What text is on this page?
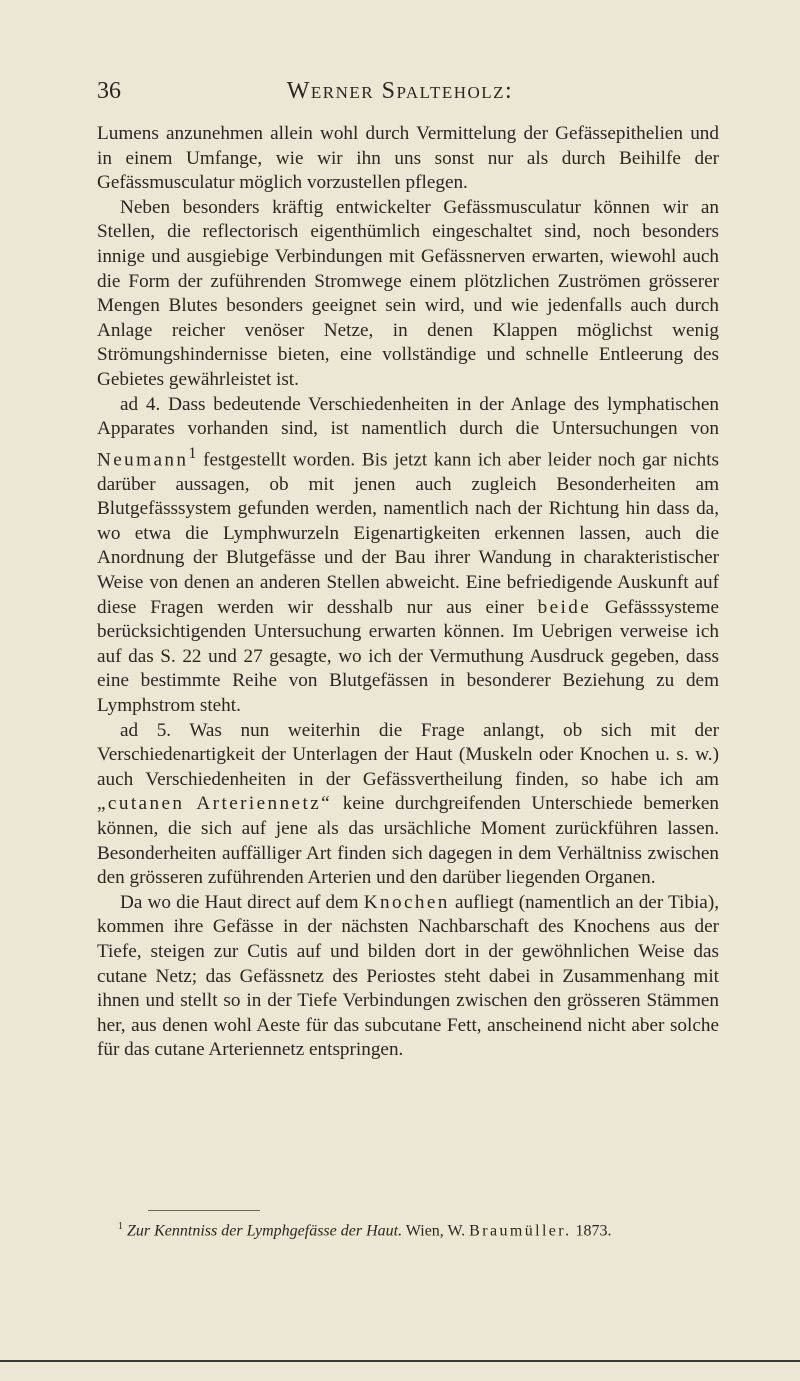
36	Werner Spalteholz:

Lumens anzunehmen allein wohl durch Vermittelung der Gefässepithelien und in einem Umfange, wie wir ihn uns sonst nur als durch Beihilfe der Gefässmusculatur möglich vorzustellen pflegen.

Neben besonders kräftig entwickelter Gefässmusculatur können wir an Stellen, die reflectorisch eigenthümlich eingeschaltet sind, noch besonders innige und ausgiebige Verbindungen mit Gefässnerven erwarten, wiewohl auch die Form der zuführenden Stromwege einem plötzlichen Zuströmen grösserer Mengen Blutes besonders geeignet sein wird, und wie jedenfalls auch durch Anlage reicher venöser Netze, in denen Klappen möglichst wenig Strömungshindernisse bieten, eine vollständige und schnelle Entleerung des Gebietes gewährleistet ist.

ad 4. Dass bedeutende Verschiedenheiten in der Anlage des lymphatischen Apparates vorhanden sind, ist namentlich durch die Untersuchungen von Neumann$^1$ festgestellt worden. Bis jetzt kann ich aber leider noch gar nichts darüber aussagen, ob mit jenen auch zugleich Besonderheiten am Blutgefässsystem gefunden werden, namentlich nach der Richtung hin dass da, wo etwa die Lymphwurzeln Eigenartigkeiten erkennen lassen, auch die Anordnung der Blutgefässe und der Bau ihrer Wandung in charakteristischer Weise von denen an anderen Stellen abweicht. Eine befriedigende Auskunft auf diese Fragen werden wir desshalb nur aus einer beide Gefässsysteme berücksichtigenden Untersuchung erwarten können. Im Uebrigen verweise ich auf das S. 22 und 27 gesagte, wo ich der Vermuthung Ausdruck gegeben, dass eine bestimmte Reihe von Blutgefässen in besonderer Beziehung zu dem Lymphstrom steht.

ad 5. Was nun weiterhin die Frage anlangt, ob sich mit der Verschiedenartigkeit der Unterlagen der Haut (Muskeln oder Knochen u. s. w.) auch Verschiedenheiten in der Gefässvertheilung finden, so habe ich am „cutanen Arteriennetz“ keine durchgreifenden Unterschiede bemerken können, die sich auf jene als das ursächliche Moment zurückführen lassen. Besonderheiten auffälliger Art finden sich dagegen in dem Verhältniss zwischen den grösseren zuführenden Arterien und den darüber liegenden Organen.

Da wo die Haut direct auf dem Knochen aufliegt (namentlich an der Tibia), kommen ihre Gefässe in der nächsten Nachbarschaft des Knochens aus der Tiefe, steigen zur Cutis auf und bilden dort in der gewöhnlichen Weise das cutane Netz; das Gefässnetz des Periostes steht dabei in Zusammenhang mit ihnen und stellt so in der Tiefe Verbindungen zwischen den grösseren Stämmen her, aus denen wohl Aeste für das subcutane Fett, anscheinend nicht aber solche für das cutane Arteriennetz entspringen.

$^1$ Zur Kenntniss der Lymphgefässe der Haut. Wien, W. Braumüller. 1873.
